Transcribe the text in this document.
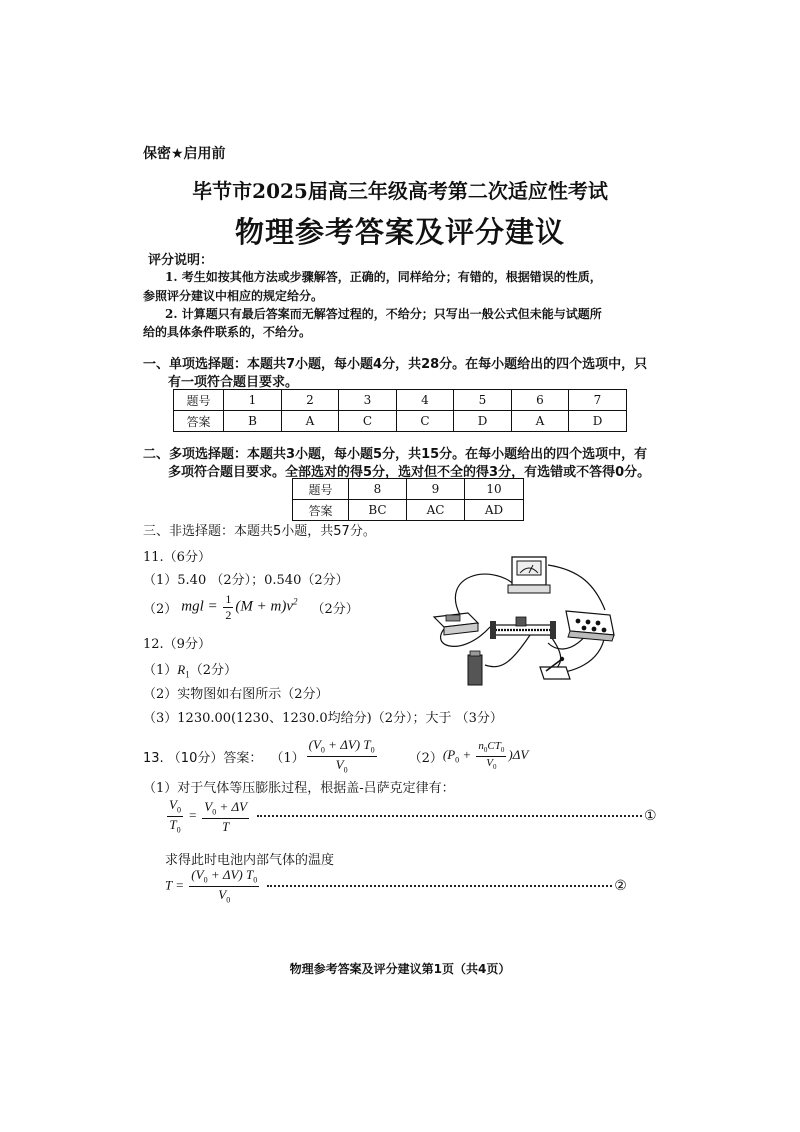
保密★启用前
毕节市2025届高三年级高考第二次适应性考试
物理参考答案及评分建议
评分说明：
1. 考生如按其他方法或步骤解答，正确的，同样给分；有错的，根据错误的性质，
参照评分建议中相应的规定给分。
2. 计算题只有最后答案而无解答过程的，不给分；只写出一般公式但未能与试题所
给的具体条件联系的，不给分。
一、单项选择题：本题共7小题，每小题4分，共28分。在每小题给出的四个选项中，只
有一项符合题目要求。
题号	1	2	3	4	5	6	7
答案	B	A	C	C	D	A	D
二、多项选择题：本题共3小题，每小题5分，共15分。在每小题给出的四个选项中，有
多项符合题目要求。全部选对的得5分，选对但不全的得3分，有选错或不答得0分。
题号	8	9	10
答案	BC	AC	AD
三、非选择题：本题共5小题，共57分。
11.（6分）
（1）5.40 （2分）；0.540（2分）
（2） mgl = $\frac{1}{2} (M + m)v^2$
（2分）
12.（9分）
$(1)R_1(2$分）
（2）实物图如右图所示（2分）
（3）1230.00(1230、1230.0均给分)（2分）；大于 （3分）
13. （10分）答案： $(1) \frac{(V_0 + \Delta V) T_0}{V_0} (2) (P_0 + \frac{n_0CT_0}{V_0} )\Delta V$
（1）对于气体等压膨胀过程，根据盖-吕萨克定律有：
$\frac{V_0}{T_0} = \frac{V_0 + \Delta V}{T}$	①
求得此时电池内部气体的温度
$T = \frac{(V_0 + \Delta V) T_0}{V_0}$	②
物理参考答案及评分建议第1页（共4页）
